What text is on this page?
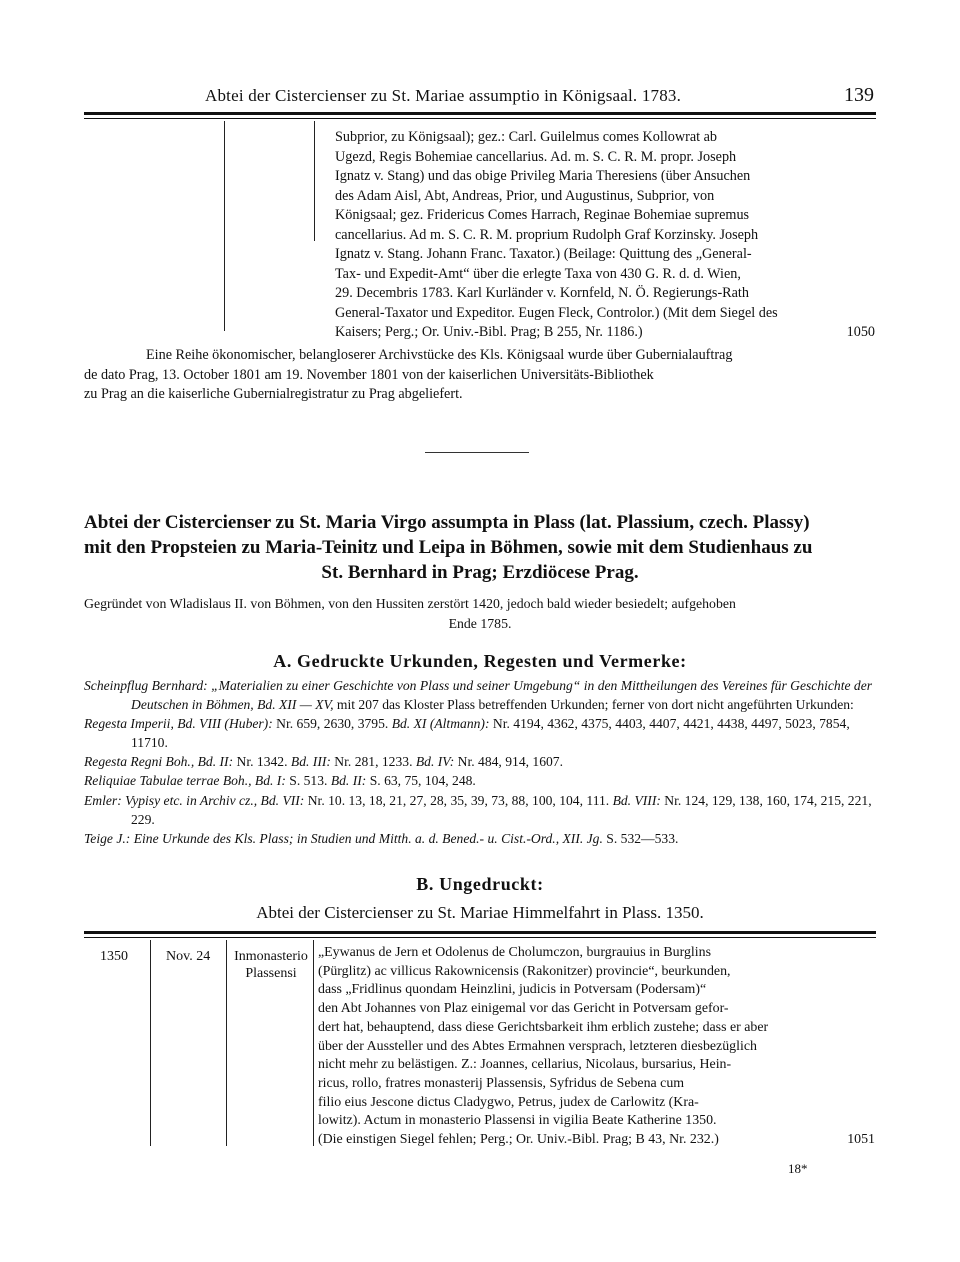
Abtei der Cistercienser zu St. Mariae assumptio in Königsaal. 1783.	139

Subprior, zu Königsaal); gez.: Carl. Guilelmus comes Kollowrat ab

Ugezd, Regis Bohemiae cancellarius. Ad. m. S. C. R. M. propr. Joseph

Ignatz v. Stang) und das obige Privileg Maria Theresiens (über Ansuchen

des Adam Aisl, Abt, Andreas, Prior, und Augustinus, Subprior, von

Königsaal; gez. Fridericus Comes Harrach, Reginae Bohemiae supremus

cancellarius. Ad m. S. C. R. M. proprium Rudolph Graf Korzinsky. Joseph

Ignatz v. Stang. Johann Franc. Taxator.) (Beilage: Quittung des „General-

Tax- und Expedit-Amt“ über die erlegte Taxa von 430 G. R. d. d. Wien,

29. Decembris 1783. Karl Kurländer v. Kornfeld, N. Ö. Regierungs-Rath

General-Taxator und Expeditor. Eugen Fleck, Controlor.) (Mit dem Siegel des

Kaisers; Perg.; Or. Univ.-Bibl. Prag; B 255, Nr. 1186.)	1050

Eine Reihe ökonomischer, belangloserer Archivstücke des Kls. Königsaal wurde über Gubernialauftrag

de dato Prag, 13. October 1801 am 19. November 1801 von der kaiserlichen Universitäts-Bibliothek

zu Prag an die kaiserliche Gubernialregistratur zu Prag abgeliefert.

Abtei der Cistercienser zu St. Maria Virgo assumpta in Plass (lat. Plassium, czech. Plassy)
mit den Propsteien zu Maria-Teinitz und Leipa in Böhmen, sowie mit dem Studienhaus zu
St. Bernhard in Prag; Erzdiöcese Prag.

Gegründet von Wladislaus II. von Böhmen, von den Hussiten zerstört 1420, jedoch bald wieder besiedelt; aufgehoben

Ende 1785.

A. Gedruckte Urkunden, Regesten und Vermerke:

Scheinpflug Bernhard: „Materialien zu einer Geschichte von Plass und seiner Umgebung“ in den Mittheilungen des Vereines für Geschichte der Deutschen in Böhmen, Bd. XII — XV, mit 207 das Kloster Plass betreffenden Urkunden; ferner von dort nicht angeführten Urkunden:

Regesta Imperii, Bd. VIII (Huber): Nr. 659, 2630, 3795. Bd. XI (Altmann): Nr. 4194, 4362, 4375, 4403, 4407, 4421, 4438, 4497, 5023, 7854, 11710.

Regesta Regni Boh., Bd. II: Nr. 1342. Bd. III: Nr. 281, 1233. Bd. IV: Nr. 484, 914, 1607.

Reliquiae Tabulae terrae Boh., Bd. I: S. 513. Bd. II: S. 63, 75, 104, 248.

Emler: Vypisy etc. in Archiv cz., Bd. VII: Nr. 10. 13, 18, 21, 27, 28, 35, 39, 73, 88, 100, 104, 111. Bd. VIII: Nr. 124, 129, 138, 160, 174, 215, 221, 229.

Teige J.: Eine Urkunde des Kls. Plass; in Studien und Mitth. a. d. Bened.- u. Cist.-Ord., XII. Jg. S. 532—533.

B. Ungedruckt:
Abtei der Cistercienser zu St. Mariae Himmelfahrt in Plass. 1350.
1350	Nov. 24	Inmonasterio
Plassensi

„Eywanus de Jern et Odolenus de Cholumczon, burgrauius in Burglins

(Pürglitz) ac villicus Rakownicensis (Rakonitzer) provincie“, beurkunden,

dass „Fridlinus quondam Heinzlini, judicis in Potversam (Podersam)“

den Abt Johannes von Plaz einigemal vor das Gericht in Potversam gefor-

dert hat, behauptend, dass diese Gerichtsbarkeit ihm erblich zustehe; dass er aber

über der Aussteller und des Abtes Ermahnen versprach, letzteren diesbezüglich

nicht mehr zu belästigen. Z.: Joannes, cellarius, Nicolaus, bursarius, Hein-

ricus, rollo, fratres monasterij Plassensis, Syfridus de Sebena cum

filio eius Jescone dictus Cladygwo, Petrus, judex de Carlowitz (Kra-

lowitz). Actum in monasterio Plassensi in vigilia Beate Katherine 1350.

(Die einstigen Siegel fehlen; Perg.; Or. Univ.-Bibl. Prag; B 43, Nr. 232.)	1051

18*
